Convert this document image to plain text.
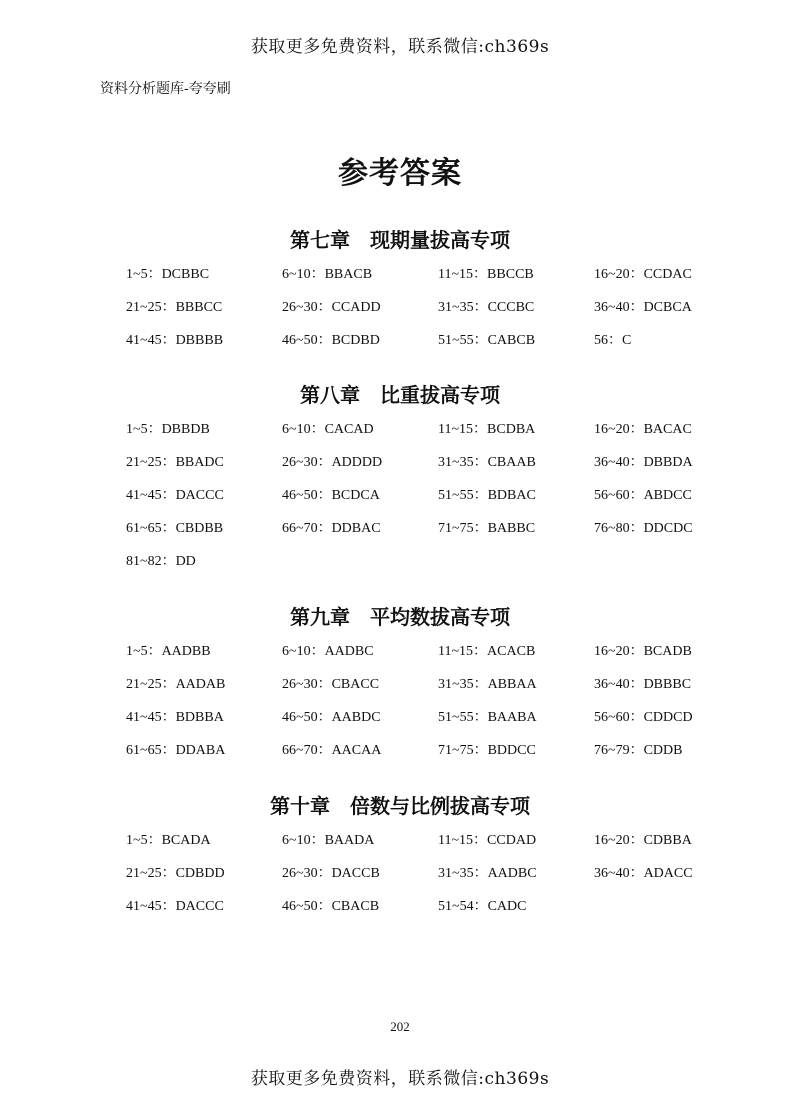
获取更多免费资料，联系微信:ch369s
资料分析题库-夸夸刷
参考答案
第七章 现期量拔高专项
1~5：DCBBC	6~10：BBACB	11~15：BBCCB	16~20：CCDAC
21~25：BBBCC	26~30：CCADD	31~35：CCCBC	36~40：DCBCA
41~45：DBBBB	46~50：BCDBD	51~55：CABCB	56：C
第八章 比重拔高专项
1~5：DBBDB	6~10：CACAD	11~15：BCDBA	16~20：BACAC
21~25：BBADC	26~30：ADDDD	31~35：CBAAB	36~40：DBBDA
41~45：DACCC	46~50：BCDCA	51~55：BDBAC	56~60：ABDCC
61~65：CBDBB	66~70：DDBAC	71~75：BABBC	76~80：DDCDC
81~82：DD
第九章 平均数拔高专项
1~5：AADBB	6~10：AADBC	11~15：ACACB	16~20：BCADB
21~25：AADAB	26~30：CBACC	31~35：ABBAA	36~40：DBBBC
41~45：BDBBA	46~50：AABDC	51~55：BAABA	56~60：CDDCD
61~65：DDABA	66~70：AACAA	71~75：BDDCC	76~79：CDDB
第十章 倍数与比例拔高专项
1~5：BCADA	6~10：BAADA	11~15：CCDAD	16~20：CDBBA
21~25：CDBDD	26~30：DACCB	31~35：AADBC	36~40：ADACC
41~45：DACCC	46~50：CBACB	51~54：CADC
202
获取更多免费资料，联系微信:ch369s
